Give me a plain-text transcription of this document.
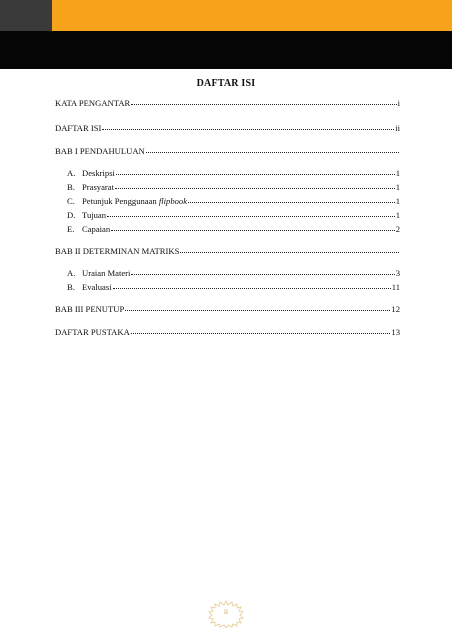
DAFTAR ISI
KATA PENGANTAR	i
DAFTAR ISI	ii
BAB I PENDAHULUAN
A. Deskripsi	1
B. Prasyarat	1
C. Petunjuk Penggunaan flipbook	1
D. Tujuan	1
E. Capaian	2
BAB II DETERMINAN MATRIKS
A. Uraian Materi	3
B. Evaluasi	11
BAB III PENUTUP	12
DAFTAR PUSTAKA	13
ii
